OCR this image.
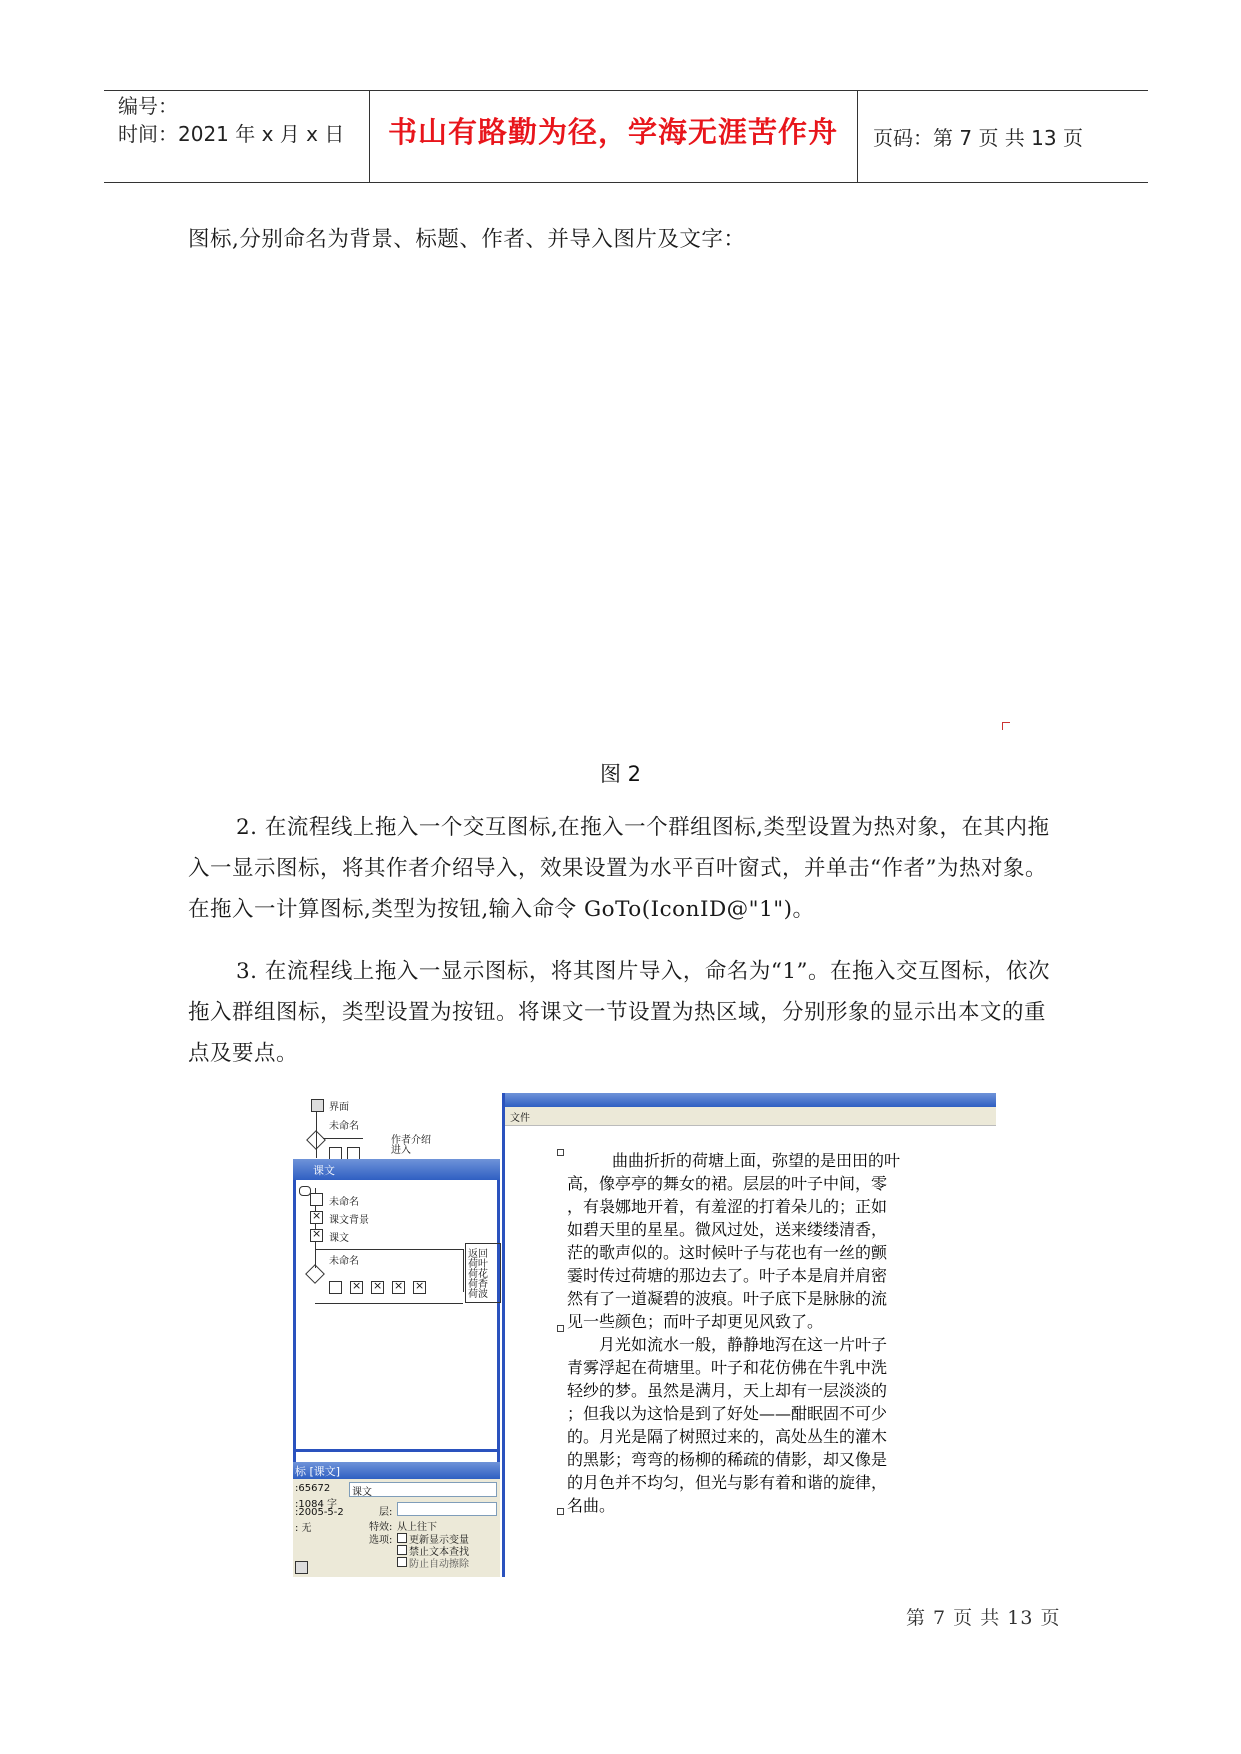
编号：
时间：2021 年 x 月 x 日	书山有路勤为径，学海无涯苦作舟	页码：第 7 页 共 13 页
图标,分别命名为背景、标题、作者、并导入图片及文字：
图 2
2. 在流程线上拖入一个交互图标,在拖入一个群组图标,类型设置为热对象，在其内拖入一显示图标，将其作者介绍导入，效果设置为水平百叶窗式，并单击“作者”为热对象。在拖入一计算图标,类型为按钮,输入命令 GoTo(IconID@"1")。
3. 在流程线上拖入一显示图标，将其图片导入，命名为“1”。在拖入交互图标，依次拖入群组图标，类型设置为按钮。将课文一节设置为热区域，分别形象的显示出本文的重点及要点。
界面
未命名
作者介绍
进入
课文
未命名
×
课文背景
×
课文
未命名
×
×
×
×
返回
荷叶
荷花
荷香
荷波
标 [课文]
:65672
:1084 字
:2005-5-2
: 无
课文
层:
特效: 从上往下
选项: 更新显示变量
禁止文本查找
防止自动擦除
文件
曲曲折折的荷塘上面，弥望的是田田的叶
高，像亭亭的舞女的裙。层层的叶子中间，零
，有袅娜地开着，有羞涩的打着朵儿的；正如
如碧天里的星星。微风过处，送来缕缕清香，
茫的歌声似的。这时候叶子与花也有一丝的颤
霎时传过荷塘的那边去了。叶子本是肩并肩密
然有了一道凝碧的波痕。叶子底下是脉脉的流
见一些颜色；而叶子却更见风致了。
月光如流水一般，静静地泻在这一片叶子
青雾浮起在荷塘里。叶子和花仿佛在牛乳中洗
轻纱的梦。虽然是满月，天上却有一层淡淡的
；但我以为这恰是到了好处——酣眠固不可少
的。月光是隔了树照过来的，高处丛生的灌木
的黑影；弯弯的杨柳的稀疏的倩影，却又像是
的月色并不均匀，但光与影有着和谐的旋律，
名曲。
第 7 页 共 13 页
